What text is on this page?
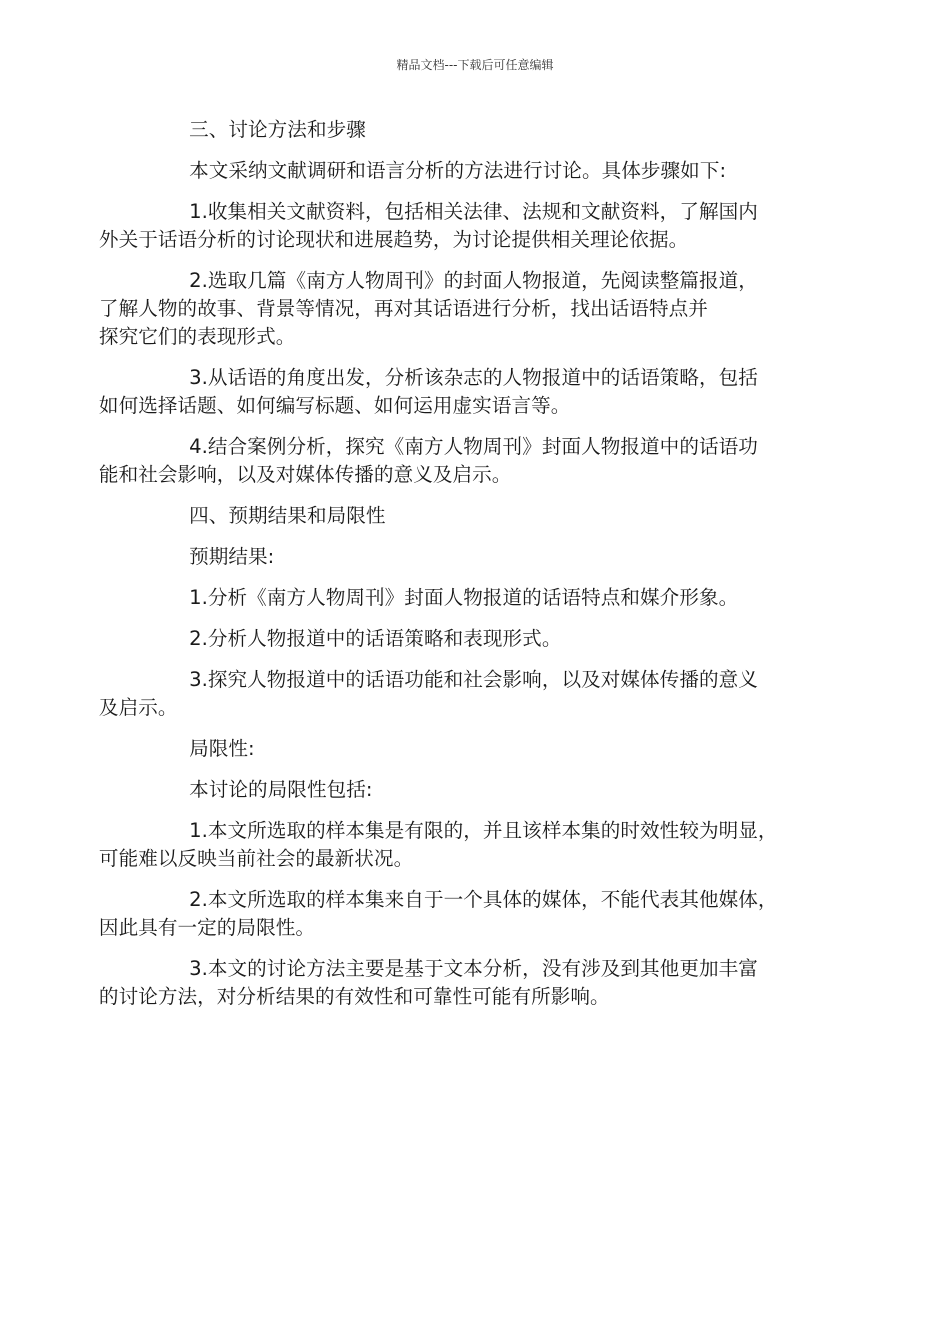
精品文档---下载后可任意编辑

三、讨论方法和步骤

本文采纳文献调研和语言分析的方法进行讨论。具体步骤如下:

1.收集相关文献资料，包括相关法律、法规和文献资料，了解国内
外关于话语分析的讨论现状和进展趋势，为讨论提供相关理论依据。

2.选取几篇《南方人物周刊》的封面人物报道，先阅读整篇报道，
了解人物的故事、背景等情况，再对其话语进行分析，找出话语特点并
探究它们的表现形式。

3.从话语的角度出发，分析该杂志的人物报道中的话语策略，包括
如何选择话题、如何编写标题、如何运用虚实语言等。

4.结合案例分析，探究《南方人物周刊》封面人物报道中的话语功
能和社会影响，以及对媒体传播的意义及启示。

四、预期结果和局限性

预期结果:

1.分析《南方人物周刊》封面人物报道的话语特点和媒介形象。

2.分析人物报道中的话语策略和表现形式。

3.探究人物报道中的话语功能和社会影响，以及对媒体传播的意义
及启示。

局限性:

本讨论的局限性包括:

1.本文所选取的样本集是有限的，并且该样本集的时效性较为明显，
可能难以反映当前社会的最新状况。

2.本文所选取的样本集来自于一个具体的媒体，不能代表其他媒体，
因此具有一定的局限性。

3.本文的讨论方法主要是基于文本分析，没有涉及到其他更加丰富
的讨论方法，对分析结果的有效性和可靠性可能有所影响。
